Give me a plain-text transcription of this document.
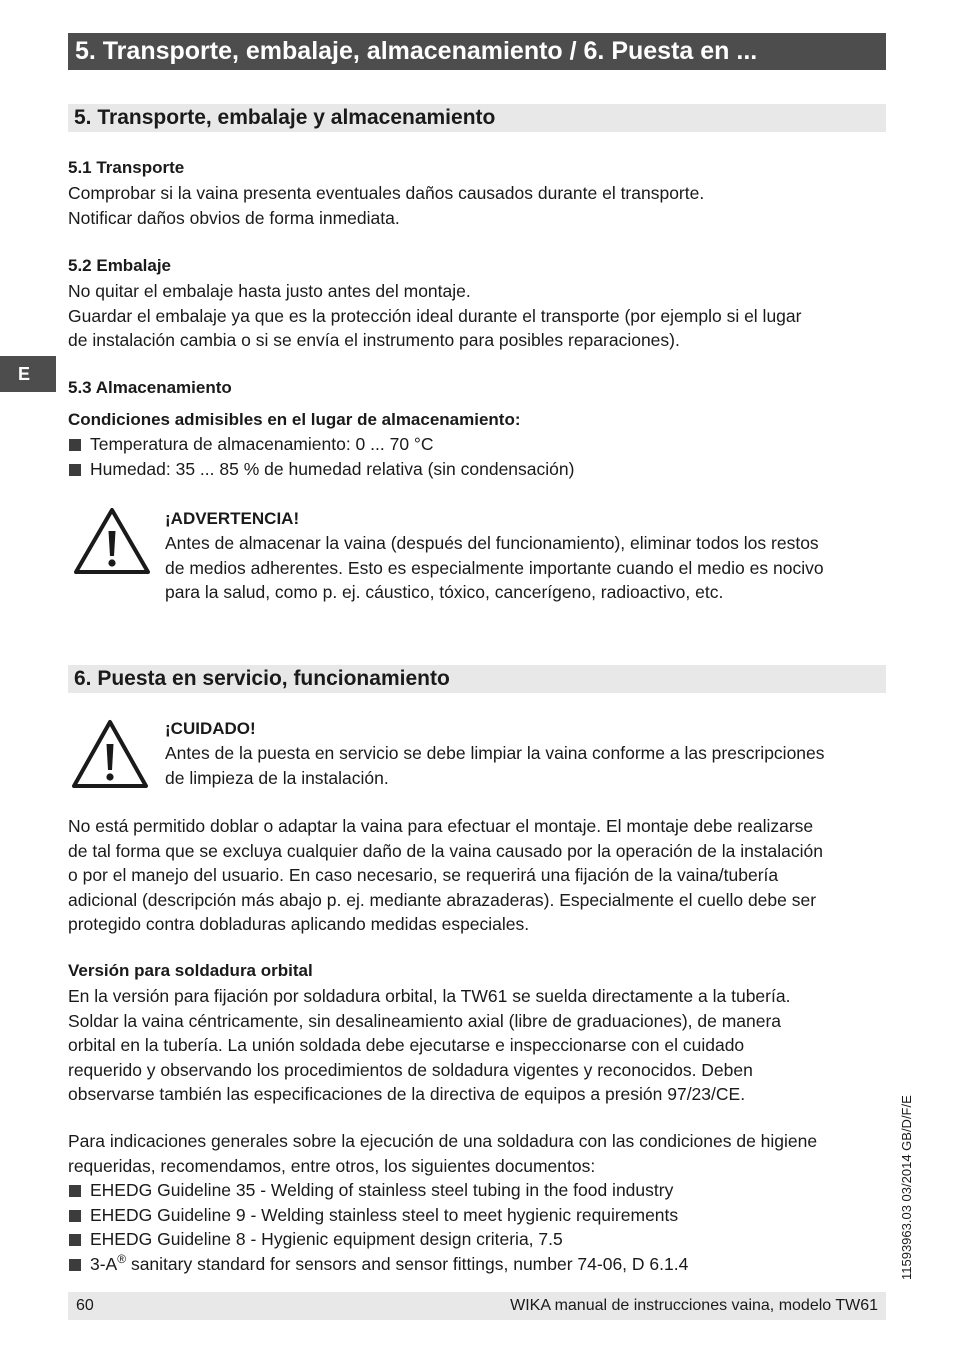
5. Transporte, embalaje, almacenamiento / 6. Puesta en ...
E
5. Transporte, embalaje y almacenamiento
5.1 Transporte
Comprobar si la vaina presenta eventuales daños causados durante el transporte.
Notificar daños obvios de forma inmediata.
5.2 Embalaje
No quitar el embalaje hasta justo antes del montaje.
Guardar el embalaje ya que es la protección ideal durante el transporte (por ejemplo si el lugar
de instalación cambia o si se envía el instrumento para posibles reparaciones).
5.3 Almacenamiento
Condiciones admisibles en el lugar de almacenamiento:
Temperatura de almacenamiento: 0 ... 70 °C
Humedad: 35 ... 85 % de humedad relativa (sin condensación)
¡ADVERTENCIA!
Antes de almacenar la vaina (después del funcionamiento), eliminar todos los restos
de medios adherentes. Esto es especialmente importante cuando el medio es nocivo
para la salud, como p. ej. cáustico, tóxico, cancerígeno, radioactivo, etc.
6. Puesta en servicio, funcionamiento
¡CUIDADO!
Antes de la puesta en servicio se debe limpiar la vaina conforme a las prescripciones
de limpieza de la instalación.
No está permitido doblar o adaptar la vaina para efectuar el montaje. El montaje debe realizarse
de tal forma que se excluya cualquier daño de la vaina causado por la operación de la instalación
o por el manejo del usuario. En caso necesario, se requerirá una fijación de la vaina/tubería
adicional (descripción más abajo p. ej. mediante abrazaderas). Especialmente el cuello debe ser
protegido contra dobladuras aplicando medidas especiales.
Versión para soldadura orbital
En la versión para fijación por soldadura orbital, la TW61 se suelda directamente a la tubería.
Soldar la vaina céntricamente, sin desalineamiento axial (libre de graduaciones), de manera
orbital en la tubería. La unión soldada debe ejecutarse e inspeccionarse con el cuidado
requerido y observando los procedimientos de soldadura vigentes y reconocidos. Deben
observarse también las especificaciones de la directiva de equipos a presión 97/23/CE.
Para indicaciones generales sobre la ejecución de una soldadura con las condiciones de higiene
requeridas, recomendamos, entre otros, los siguientes documentos:
EHEDG Guideline 35 - Welding of stainless steel tubing in the food industry
EHEDG Guideline 9 - Welding stainless steel to meet hygienic requirements
EHEDG Guideline 8 - Hygienic equipment design criteria, 7.5
3-A® sanitary standard for sensors and sensor fittings, number 74-06, D 6.1.4	11593963.03 03/2014 GB/D/F/E
60	WIKA manual de instrucciones vaina, modelo TW61
